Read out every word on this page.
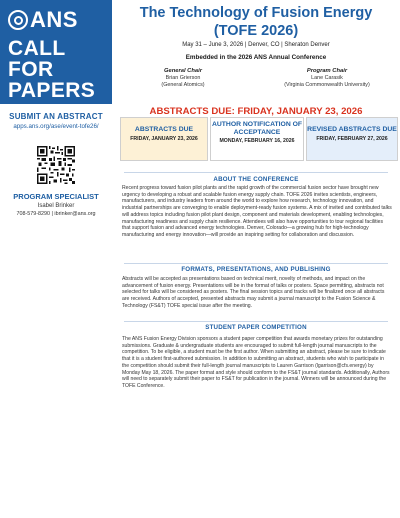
ANS
CALL FOR
PAPERS
SUBMIT AN ABSTRACT
apps.ans.org/ase/event-tofe26/
PROGRAM SPECIALIST
Isabel Brinker
708-579-8290 | ibrinker@ans.org
The Technology of Fusion Energy
(TOFE 2026)
May 31 – June 3, 2026 | Denver, CO | Sheraton Denver
Embedded in the 2026 ANS Annual Conference
General Chair
Brian Grierson
(General Atomics)
Program Chair
Lane Carasik
(Virginia Commonwealth University)
ABSTRACTS DUE: FRIDAY, JANUARY 23, 2026
ABSTRACTS DUE
FRIDAY, JANUARY 23, 2026
AUTHOR NOTIFICATION OF
ACCEPTANCE
MONDAY, FEBRUARY 16, 2026
REVISED ABSTRACTS DUE
FRIDAY, FEBRUARY 27, 2026
ABOUT THE CONFERENCE
Recent progress toward fusion pilot plants and the rapid growth of the commercial fusion sector have brought new urgency to developing a robust and scalable fusion energy supply chain. TOFE 2026 invites scientists, engineers, manufacturers, and industry leaders from around the world to explore how research, technology innovation, and industrial partnerships are converging to enable deployment-ready fusion systems. A mix of invited and contributed talks will address topics including fusion pilot plant design, component and materials development, enabling technologies, manufacturing readiness and supply chain resilience. Attendees will also have opportunities to tour regional facilities that support fusion and advanced energy technologies. Denver, Colorado—a growing hub for high-technology manufacturing and energy innovation—will provide an inspiring setting for collaboration and discussion.
FORMATS, PRESENTATIONS, AND PUBLISHING
Abstracts will be accepted as presentations based on technical merit, novelty of methods, and impact on the advancement of fusion energy. Presentations will be in the format of talks or posters. Space permitting, abstracts not selected for talks will be considered as posters. The final session topics and tracks will be finalized once all abstracts are received. Authors of accepted, presented abstracts may submit a journal manuscript to the Fusion Science & Technology (FS&T) TOFE special issue after the meeting.
STUDENT PAPER COMPETITION
The ANS Fusion Energy Division sponsors a student paper competition that awards monetary prizes for outstanding submissions. Graduate & undergraduate students are encouraged to submit full-length journal manuscripts to the competition. To be eligible, a student must be the first author. When submitting an abstract, please be sure to indicate that it is a student first-authored submission. In addition to submitting an abstract, students who wish to participate in the competition should submit their full-length journal manuscripts to Lauren Garrison (lgarrison@cfs.energy) by Monday May 18, 2026. The paper format and style should conform to the FS&T journal standards. Additionally, Authors will need to separately submit their paper to FS&T for publication in the journal. Winners will be announced during the TOFE Conference.
